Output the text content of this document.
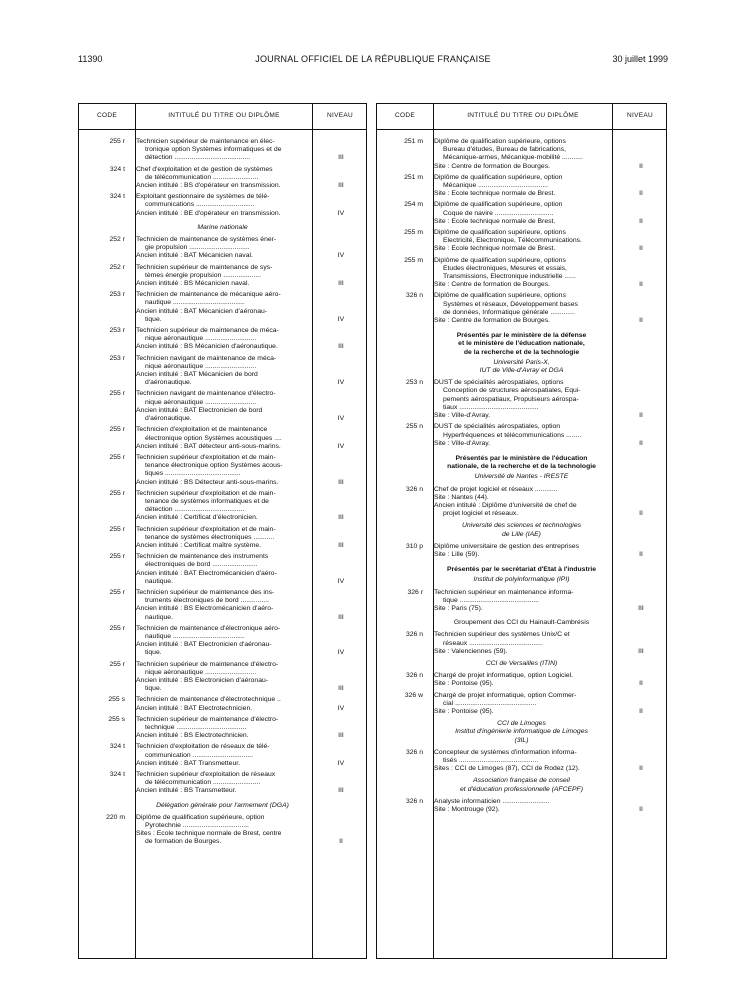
11390	JOURNAL OFFICIEL DE LA RÉPUBLIQUE FRANÇAISE	30 juillet 1999
CODE	INTITULÉ DU TITRE OU DIPLÔME	NIVEAU
255 r Technicien supérieur de maintenance en élec-
tronique option Systèmes informatiques et de
détection ........................................	III
324 t Chef d'exploitation et de gestion de systèmes
de télécommunication ........................
Ancien intitulé : BS d'opérateur en transmission.	III
324 t Exploitant gestionnaire de systèmes de télé-
communications ...............................
Ancien intitulé : BE d'opérateur en transmission.	IV
Marine nationale
252 r Technicien de maintenance de systèmes éner-
gie propulsion ................................
Ancien intitulé : BAT Mécanicien naval.	IV
252 r Technicien supérieur de maintenance de sys-
tèmes énergie propulsion ....................
Ancien intitulé : BS Mécanicien naval.	III
253 r Technicien de maintenance de mécanique aéro-
nautique ......................................
Ancien intitulé : BAT Mécanicien d'aéronau-
tique.	IV
253 r Technicien supérieur de maintenance de méca-
nique aéronautique ...........................
Ancien intitulé : BS Mécanicien d'aéronautique.	III
253 r Technicien navigant de maintenance de méca-
nique aéronautique ...........................
Ancien intitulé : BAT Mécanicien de bord
d'aéronautique.	IV
255 r Technicien navigant de maintenance d'électro-
nique aéronautique ...........................
Ancien intitulé : BAT Electronicien de bord
d'aéronautique.	IV
255 r Technicien d'exploitation et de maintenance
électronique option Systèmes acoustiques ....
Ancien intitulé : BAT détecteur anti-sous-marins.	IV
255 r Technicien supérieur d'exploitation et de main-
tenance électronique option Systèmes acous-
tiques ........................................
Ancien intitulé : BS Détecteur anti-sous-marins.	III
255 r Technicien supérieur d'exploitation et de main-
tenance de systèmes informatiques et de
détection .....................................
Ancien intitulé : Certificat d'électronicien.	III
255 r Technicien supérieur d'exploitation et de main-
tenance de systèmes électroniques ...........
Ancien intitulé : Certificat maître système.	III
255 r Technicien de maintenance des instruments
électroniques de bord ........................
Ancien intitulé : BAT Electromécanicien d'aéro-
nautique.	IV
255 r Technicien supérieur de maintenance des ins-
truments électroniques de bord ...............
Ancien intitulé : BS Electromécanicien d'aéro-
nautique.	III
255 r Technicien de maintenance d'électronique aéro-
nautique ......................................
Ancien intitulé : BAT Electronicien d'aéronau-
tique.	IV
255 r Technicien supérieur de maintenance d'électro-
nique aéronautique ...........................
Ancien intitulé : BS Electronicien d'aéronau-
tique.	III
255 s Technicien de maintenance d'électrotechnique ..
Ancien intitulé : BAT Electrotechnicien.	IV
255 s Technicien supérieur de maintenance d'électro-
technique .....................................
Ancien intitulé : BS Electrotechnicien.	III
324 t Technicien d'exploitation de réseaux de télé-
communication ................................
Ancien intitulé : BAT Transmetteur.	IV
324 t Technicien supérieur d'exploitation de réseaux
de télécommunication .........................
Ancien intitulé : BS Transmetteur.	III
Délégation générale pour l'armement (DGA)
220 m Diplôme de qualification supérieure, option
Pyrotechnie ...................................
Sites : Ecole technique normale de Brest, centre
de formation de Bourges.	II
CODE	INTITULÉ DU TITRE OU DIPLÔME	NIVEAU
251 m Diplôme de qualification supérieure, options
Bureau d'études, Bureau de fabrications,
Mécanique-armes, Mécanique-mobilité ...........
Site : Centre de formation de Bourges.	II
251 m Diplôme de qualification supérieure, option
Mécanique .....................................
Site : Ecole technique normale de Brest.	II
254 m Diplôme de qualification supérieure, option
Coque de navire ...............................
Site : Ecole technique normale de Brest.	II
255 m Diplôme de qualification supérieure, options
Electricité, Electronique, Télécommunications.
Site : Ecole technique normale de Brest.	II
255 m Diplôme de qualification supérieure, options
Etudes électroniques, Mesures et essais,
Transmissions, Electronique industrielle ......
Site : Centre de formation de Bourges.	II
326 n Diplôme de qualification supérieure, options
Systèmes et réseaux, Développement bases
de données, Informatique générale .............
Site : Centre de formation de Bourges.	II
Présentés par le ministère de la défense
et le ministère de l'éducation nationale,
de la recherche et de la technologie
Université Paris-X,
IUT de Ville-d'Avray et DGA
253 n DUST de spécialités aérospatiales, options
Conception de structures aérospatiales, Equi-
pements aérospatiaux, Propulseurs aérospa-
tiaux ..........................................
Site : Ville-d'Avray.	II
255 n DUST de spécialités aérospatiales, option
Hyperfréquences et télécommunications ........
Site : Ville-d'Avray.	II
Présentés par le ministère de l'éducation
nationale, de la recherche et de la technologie
Université de Nantes - IRESTE
326 n Chef de projet logiciel et réseaux ............
Site : Nantes (44).
Ancien intitulé : Diplôme d'université de chef de
projet logiciel et réseaux.	II
Université des sciences et technologies
de Lille (IAE)
310 p Diplôme universitaire de gestion des entreprises
Site : Lille (59).	II
Présentés par le secrétariat d'Etat à l'industrie
Institut de polyinformatique (IPI)
326 r Technicien supérieur en maintenance informa-
tique ..........................................
Site : Paris (75).	III
Groupement des CCI du Hainault-Cambrésis
326 n Technicien supérieur des systèmes Unix/C et
réseaux .......................................
Site : Valenciennes (59).	III
CCI de Versailles (ITIN)
326 n Chargé de projet informatique, option Logiciel.
Site : Pontoise (95).	II
326 w Chargé de projet informatique, option Commer-
cial ...........................................
Site : Pontoise (95).	II
CCI de Limoges
Institut d'ingénierie informatique de Limoges
(3IL)
326 n Concepteur de systèmes d'information informa-
tisés ..........................................
Sites : CCI de Limoges (87), CCI de Rodez (12).	II
Association française de conseil
et d'éducation professionnelle (AFCEPF)
326 n Analyste informaticien .........................
Site : Montrouge (92).	II
